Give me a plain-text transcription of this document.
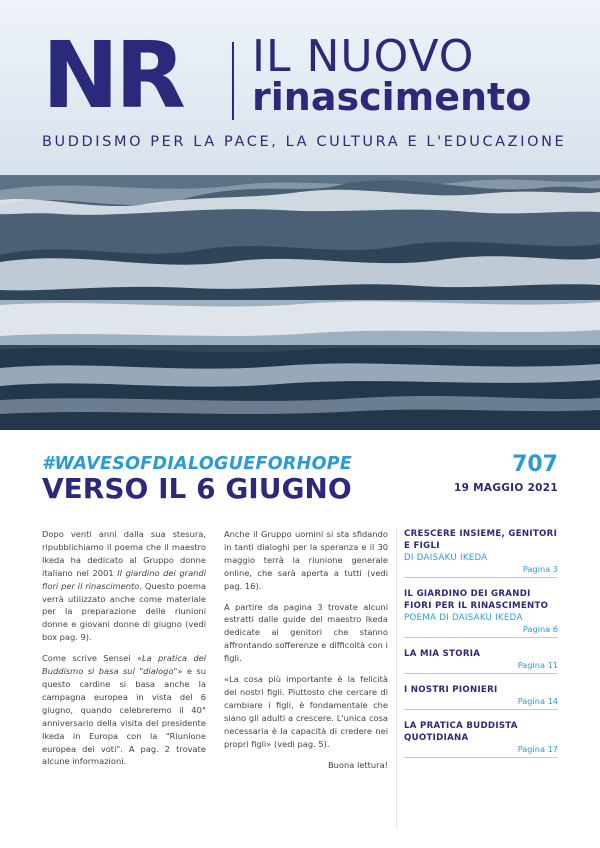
NR IL NUOVO
rinascimento
BUDDISMO PER LA PACE, LA CULTURA E L'EDUCAZIONE
#WAVESOFDIALOGUEFORHOPE
VERSO IL 6 GIUGNO
707
19 MAGGIO 2021

Dopo venti anni dalla sua stesura, ripubblichiamo il poema che il maestro Ikeda ha dedicato al Gruppo donne italiano nel 2001 Il giardino dei grandi fiori per il rinascimento. Questo poema verrà utilizzato anche come materiale per la preparazione delle riunioni donne e giovani donne di giugno (vedi box pag. 9).

Come scrive Sensei «La pratica del Buddismo si basa sul "dialogo"» e su questo cardine si basa anche la campagna europea in vista del 6 giugno, quando celebreremo il 40° anniversario della visita del presidente Ikeda in Europa con la "Riunione europea dei voti". A pag. 2 trovate alcune informazioni.

Anche il Gruppo uomini si sta sfidando in tanti dialoghi per la speranza e il 30 maggio terrà la riunione generale online, che sarà aperta a tutti (vedi pag. 16).

A partire da pagina 3 trovate alcuni estratti dalle guide del maestro Ikeda dedicate ai genitori che stanno affrontando sofferenze e difficoltà con i figli.

«La cosa più importante è la felicità dei nostri figli. Piuttosto che cercare di cambiare i figli, è fondamentale che siano gli adulti a crescere. L'unica cosa necessaria è la capacità di credere nei propri figli» (vedi pag. 5).

Buona lettura!

CRESCERE INSIEME, GENITORI E FIGLI
DI DAISAKU IKEDA
Pagina 3
IL GIARDINO DEI GRANDI FIORI PER IL RINASCIMENTO
POEMA DI DAISAKU IKEDA
Pagina 6
LA MIA STORIA
Pagina 11
I NOSTRI PIONIERI
Pagina 14
LA PRATICA BUDDISTA QUOTIDIANA
Pagina 17
